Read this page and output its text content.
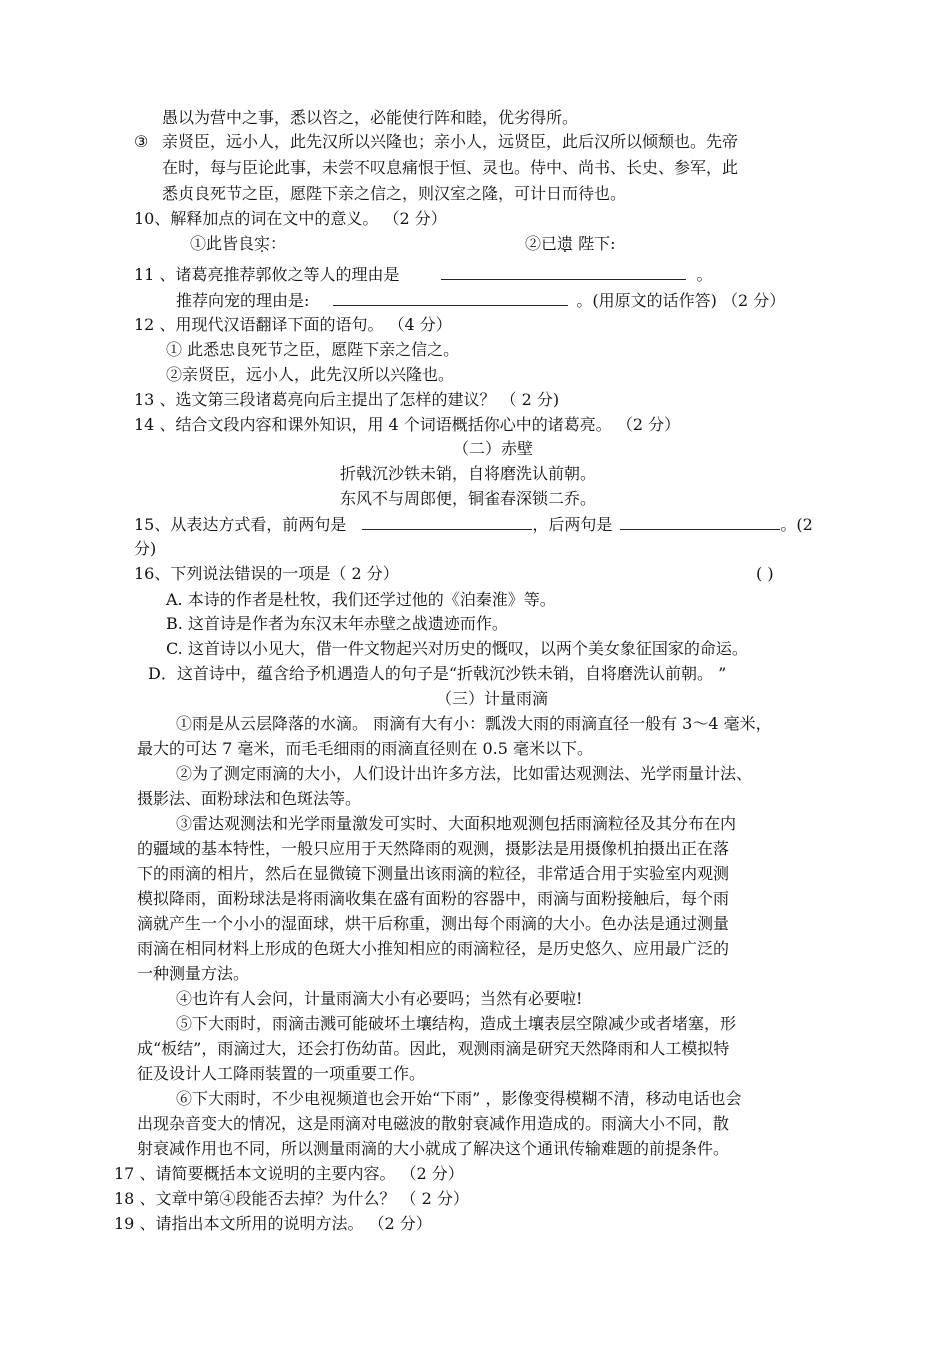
愚以为营中之事，悉以咨之，必能使行阵和睦，优劣得所。
③ 亲贤臣，远小人，此先汉所以兴隆也；亲小人，远贤臣，此后汉所以倾颓也。先帝
在时，每与臣论此事，未尝不叹息痛恨于恒、灵也。侍中、尚书、长史、参军，此
悉贞良死节之臣，愿陛下亲之信之，则汉室之隆，可计日而待也。
10、解释加点的词在文中的意义。 （2 分）
①此皆良实：	②已遗 陛下:
11 、诸葛亮推荐郭攸之等人的理由是	。
推荐向宠的理由是:	。(用原文的话作答) （2 分）
12 、用现代汉语翻译下面的语句。 （4 分）
① 此悉忠良死节之臣，愿陛下亲之信之。
②亲贤臣，远小人，此先汉所以兴隆也。
13 、选文第三段诸葛亮向后主提出了怎样的建议？ （ 2 分)
14 、结合文段内容和课外知识，用 4 个词语概括你心中的诸葛亮。 （2 分）
（二）赤壁
折戟沉沙铁未销，自将磨洗认前朝。
东风不与周郎便，铜雀春深锁二乔。
15、从表达方式看，前两句是	，后两句是	。(2
分)
16、下列说法错误的一项是（ 2 分）	( )
A. 本诗的作者是杜牧，我们还学过他的《泊秦淮》等。
B. 这首诗是作者为东汉末年赤壁之战遗迹而作。
C. 这首诗以小见大，借一件文物起兴对历史的慨叹，以两个美女象征国家的命运。
D．这首诗中，蕴含给予机遇造人的句子是“折戟沉沙铁未销，自将磨洗认前朝。 ”
（三）计量雨滴
①雨是从云层降落的水滴。 雨滴有大有小：瓢泼大雨的雨滴直径一般有 3～4 毫米，
最大的可达 7 毫米，而毛毛细雨的雨滴直径则在 0.5 毫米以下。
②为了测定雨滴的大小，人们设计出许多方法，比如雷达观测法、光学雨量计法、
摄影法、面粉球法和色斑法等。
③雷达观测法和光学雨量激发可实时、大面积地观测包括雨滴粒径及其分布在内
的疆域的基本特性，一般只应用于天然降雨的观测，摄影法是用摄像机拍摄出正在落
下的雨滴的相片，然后在显微镜下测量出该雨滴的粒径，非常适合用于实验室内观测
模拟降雨，面粉球法是将雨滴收集在盛有面粉的容器中，雨滴与面粉接触后，每个雨
滴就产生一个小小的湿面球，烘干后称重，测出每个雨滴的大小。色办法是通过测量
雨滴在相同材料上形成的色斑大小推知相应的雨滴粒径，是历史悠久、应用最广泛的
一种测量方法。
④也许有人会问，计量雨滴大小有必要吗；当然有必要啦!
⑤下大雨时，雨滴击溅可能破坏土壤结构，造成土壤表层空隙减少或者堵塞，形
成“板结”，雨滴过大，还会打伤幼苗。因此，观测雨滴是研究天然降雨和人工模拟特
征及设计人工降雨装置的一项重要工作。
⑥下大雨时，不少电视频道也会开始“下雨” ，影像变得模糊不清，移动电话也会
出现杂音变大的情况，这是雨滴对电磁波的散射衰减作用造成的。雨滴大小不同，散
射衰减作用也不同，所以测量雨滴的大小就成了解决这个通讯传输难题的前提条件。
17 、请简要概括本文说明的主要内容。 （2 分）
18 、文章中第④段能否去掉？为什么？ （ 2 分）
19 、请指出本文所用的说明方法。 （2 分）
